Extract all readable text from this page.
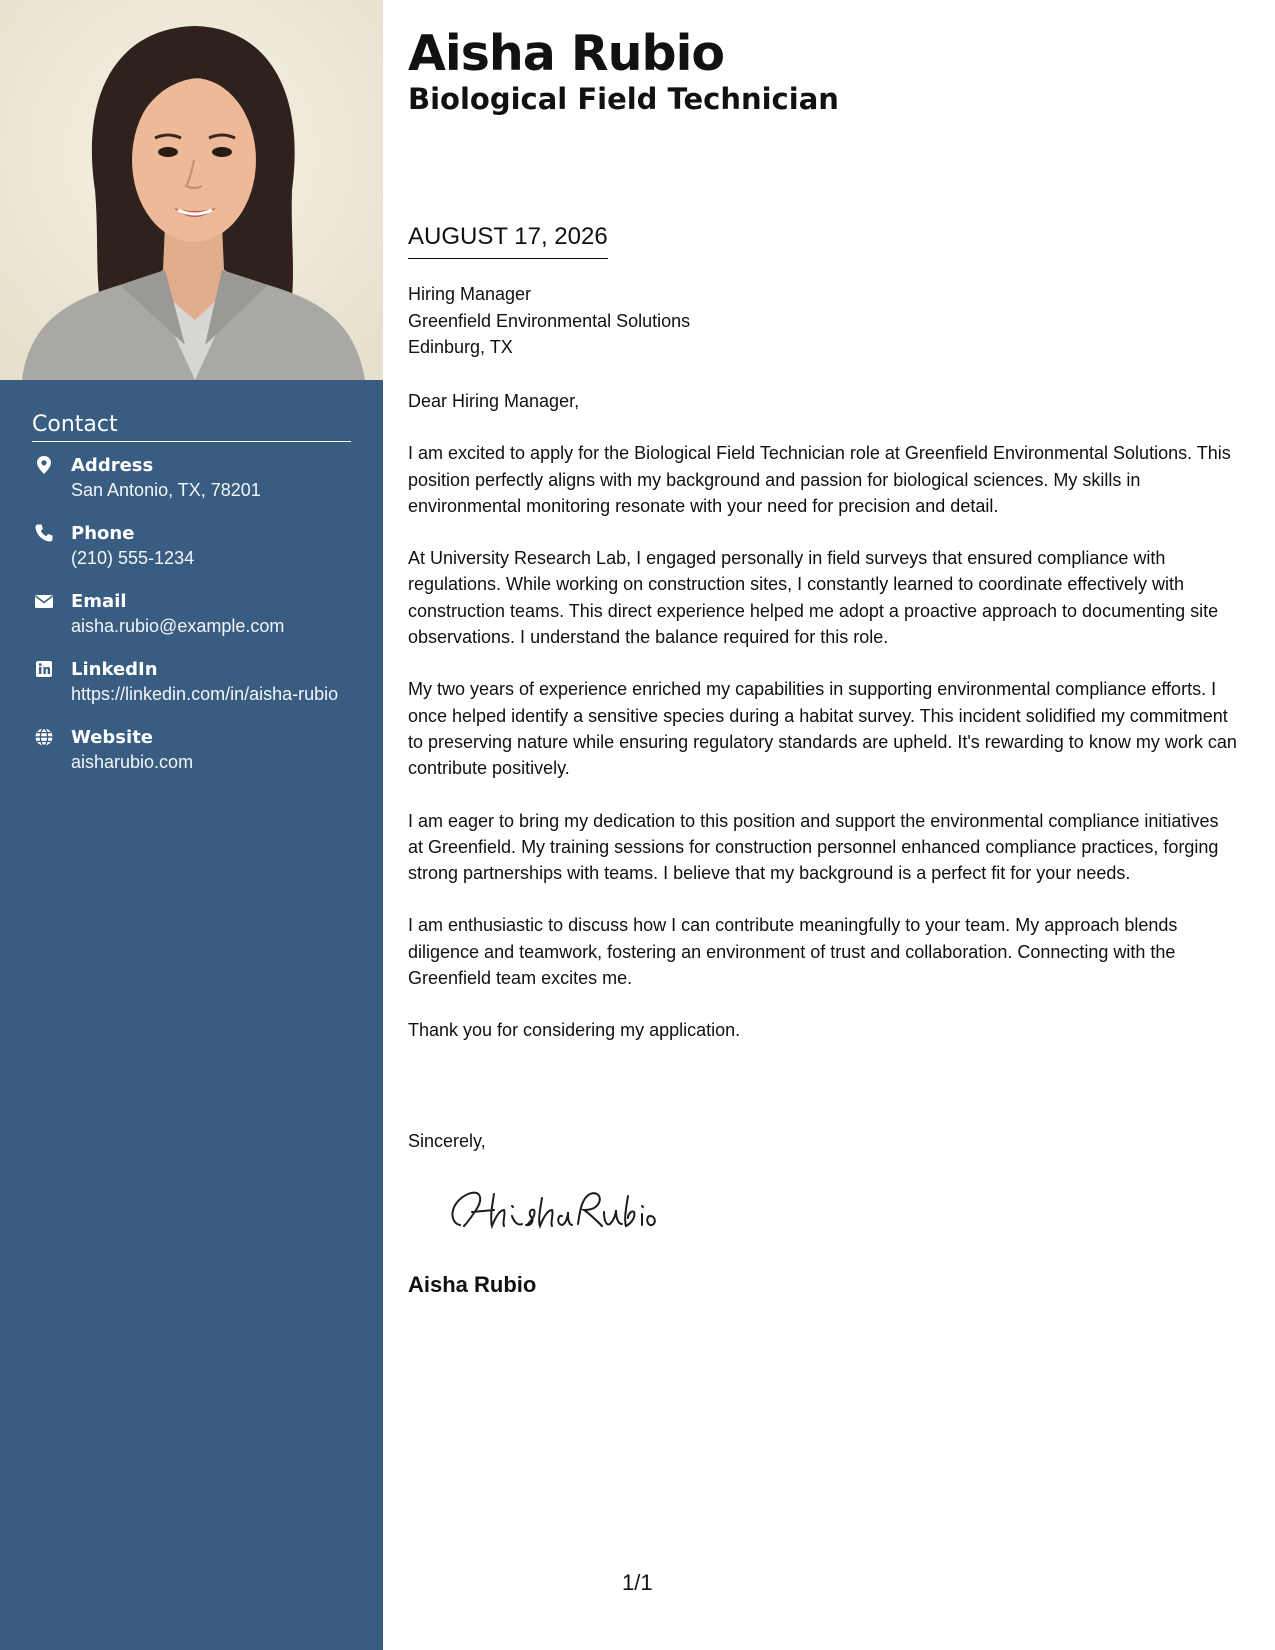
Contact
Address
San Antonio, TX, 78201
Phone
(210) 555-1234
Email
aisha.rubio@example.com
LinkedIn
https://linkedin.com/in/aisha-rubio
Website
aisharubio.com
Aisha Rubio
Biological Field Technician
AUGUST 17, 2026
Hiring Manager
Greenfield Environmental Solutions
Edinburg, TX

Dear Hiring Manager,

I am excited to apply for the Biological Field Technician role at Greenfield Environmental Solutions. This position perfectly aligns with my background and passion for biological sciences. My skills in environmental monitoring resonate with your need for precision and detail.

At University Research Lab, I engaged personally in field surveys that ensured compliance with regulations. While working on construction sites, I constantly learned to coordinate effectively with construction teams. This direct experience helped me adopt a proactive approach to documenting site observations. I understand the balance required for this role.

My two years of experience enriched my capabilities in supporting environmental compliance efforts. I once helped identify a sensitive species during a habitat survey. This incident solidified my commitment to preserving nature while ensuring regulatory standards are upheld. It's rewarding to know my work can contribute positively.

I am eager to bring my dedication to this position and support the environmental compliance initiatives at Greenfield. My training sessions for construction personnel enhanced compliance practices, forging strong partnerships with teams. I believe that my background is a perfect fit for your needs.

I am enthusiastic to discuss how I can contribute meaningfully to your team. My approach blends diligence and teamwork, fostering an environment of trust and collaboration. Connecting with the Greenfield team excites me.

Thank you for considering my application.

Sincerely,
Aisha Rubio
1/1
